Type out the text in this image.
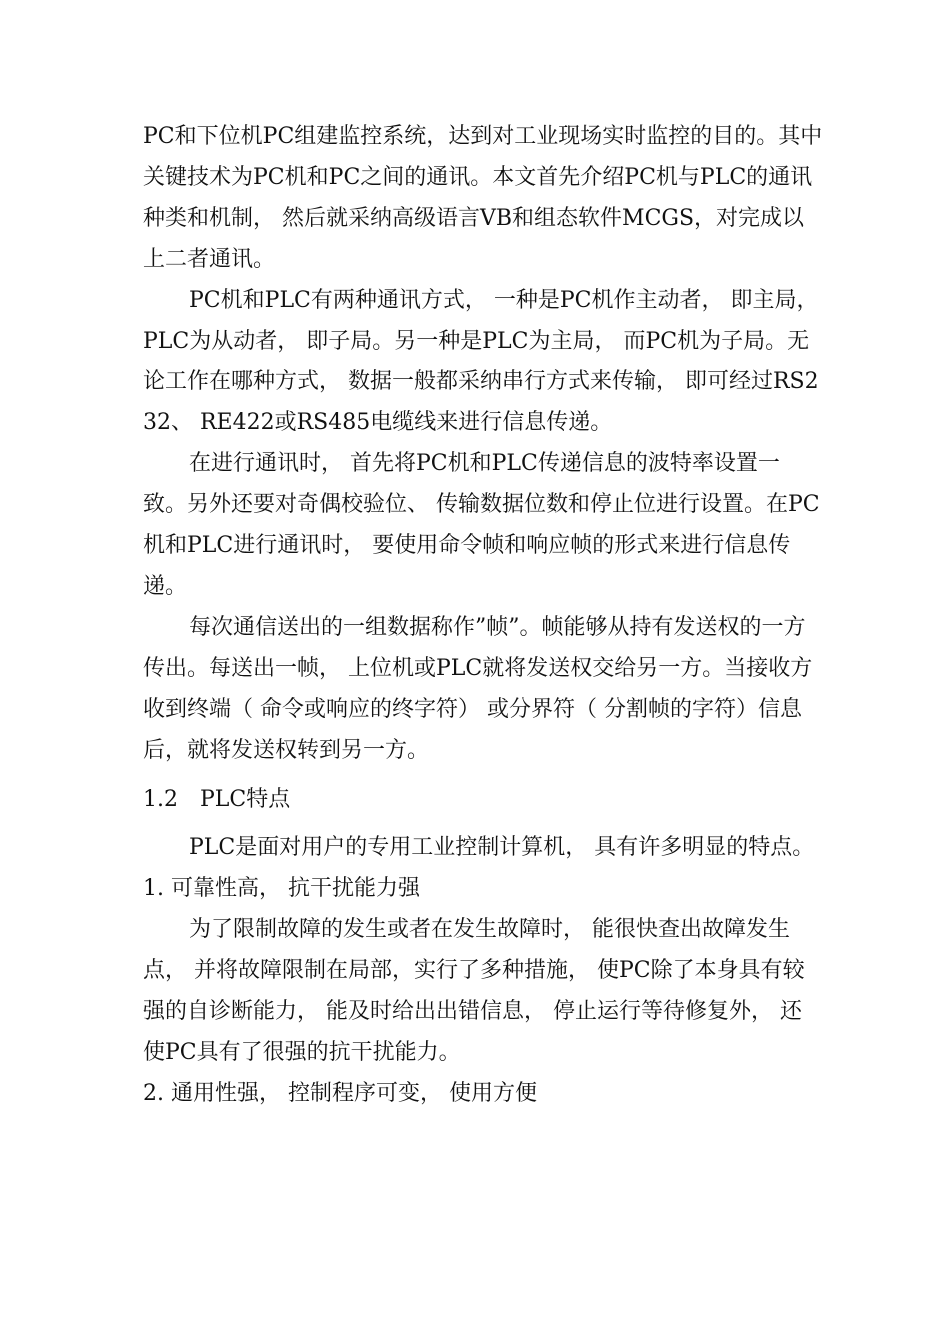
PC和下位机PC组建监控系统，达到对工业现场实时监控的目的。其中关键技术为PC机和PC之间的通讯。本文首先介绍PC机与PLC的通讯种类和机制， 然后就采纳高级语言VB和组态软件MCGS，对完成以上二者通讯。

PC机和PLC有两种通讯方式， 一种是PC机作主动者， 即主局， PLC为从动者， 即子局。另一种是PLC为主局， 而PC机为子局。无论工作在哪种方式， 数据一般都采纳串行方式来传输， 即可经过RS232、 RE422或RS485电缆线来进行信息传递。

在进行通讯时， 首先将PC机和PLC传递信息的波特率设置一致。另外还要对奇偶校验位、 传输数据位数和停止位进行设置。在PC机和PLC进行通讯时， 要使用命令帧和响应帧的形式来进行信息传递。

每次通信送出的一组数据称作”帧”。帧能够从持有发送权的一方传出。每送出一帧， 上位机或PLC就将发送权交给另一方。当接收方收到终端（ 命令或响应的终字符） 或分界符（ 分割帧的字符）信息后，就将发送权转到另一方。

1.2　PLC特点

PLC是面对用户的专用工业控制计算机， 具有许多明显的特点。

1. 可靠性高， 抗干扰能力强

为了限制故障的发生或者在发生故障时， 能很快查出故障发生点， 并将故障限制在局部，实行了多种措施， 使PC除了本身具有较强的自诊断能力， 能及时给出出错信息， 停止运行等待修复外， 还使PC具有了很强的抗干扰能力。

2. 通用性强， 控制程序可变， 使用方便
